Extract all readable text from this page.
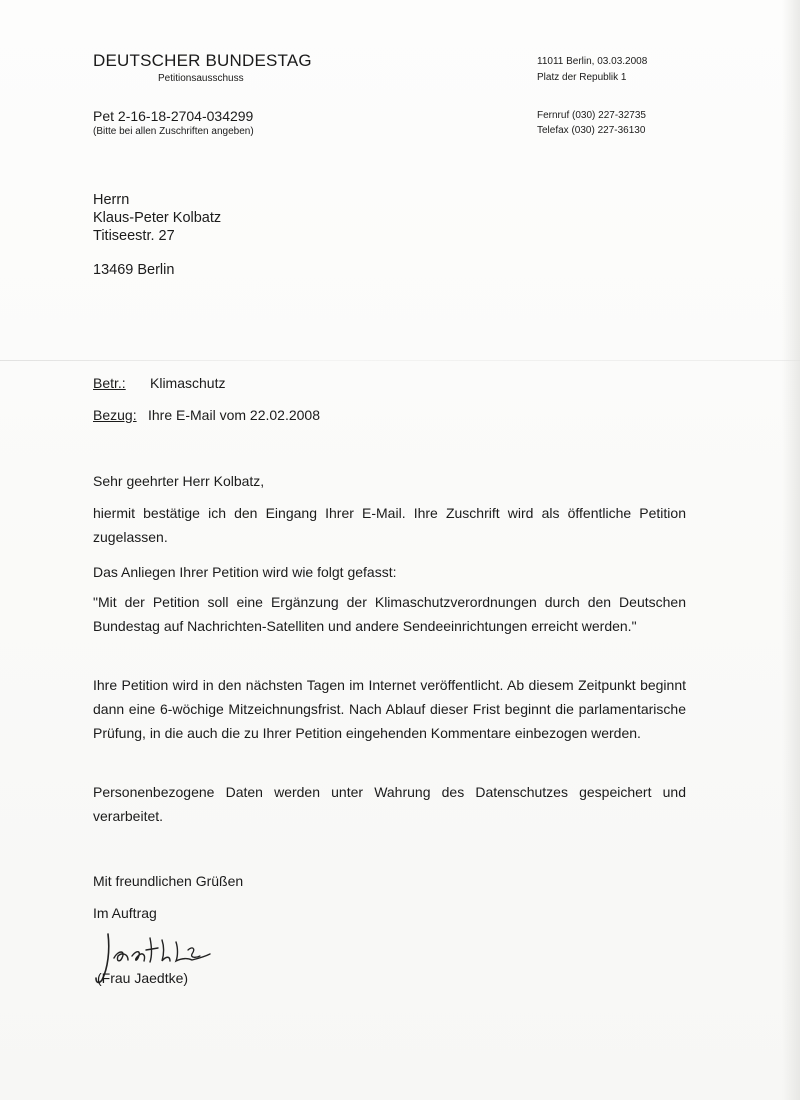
DEUTSCHER BUNDESTAG
Petitionsausschuss
Pet 2-16-18-2704-034299
(Bitte bei allen Zuschriften angeben)
11011 Berlin, 03.03.2008
Platz der Republik 1
Fernruf (030) 227-32735
Telefax (030) 227-36130
Herrn
Klaus-Peter Kolbatz
Titiseestr. 27
13469 Berlin
Betr.: Klimaschutz
Bezug: Ihre E-Mail vom 22.02.2008
Sehr geehrter Herr Kolbatz,
hiermit bestätige ich den Eingang Ihrer E-Mail. Ihre Zuschrift wird als öffentliche Petition zugelassen.
Das Anliegen Ihrer Petition wird wie folgt gefasst:
"Mit der Petition soll eine Ergänzung der Klimaschutzverordnungen durch den Deutschen Bundestag auf Nachrichten-Satelliten und andere Sendeeinrichtungen erreicht werden."
Ihre Petition wird in den nächsten Tagen im Internet veröffentlicht. Ab diesem Zeitpunkt beginnt dann eine 6-wöchige Mitzeichnungsfrist. Nach Ablauf dieser Frist beginnt die parlamentarische Prüfung, in die auch die zu Ihrer Petition eingehenden Kommentare einbezogen werden.
Personenbezogene Daten werden unter Wahrung des Datenschutzes gespeichert und verarbeitet.
Mit freundlichen Grüßen
Im Auftrag
(Frau Jaedtke)
